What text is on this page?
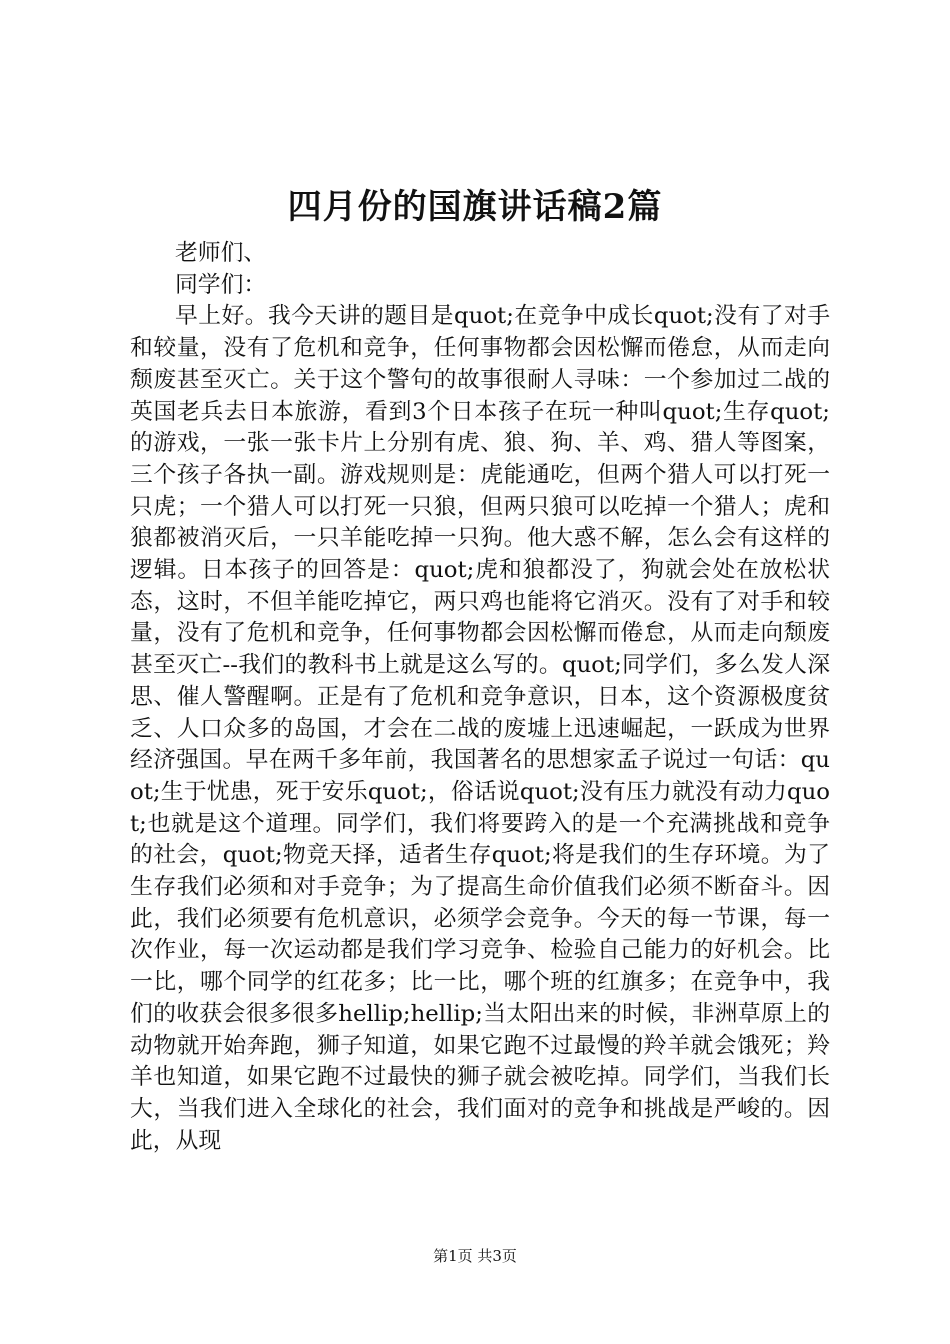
四月份的国旗讲话稿2篇

老师们、

同学们：

早上好。我今天讲的题目是quot;在竞争中成长quot;没有了对手和较量，没有了危机和竞争，任何事物都会因松懈而倦怠，从而走向颓废甚至灭亡。关于这个警句的故事很耐人寻味：一个参加过二战的英国老兵去日本旅游，看到3个日本孩子在玩一种叫quot;生存quot;的游戏，一张一张卡片上分别有虎、狼、狗、羊、鸡、猎人等图案，三个孩子各执一副。游戏规则是：虎能通吃，但两个猎人可以打死一只虎；一个猎人可以打死一只狼，但两只狼可以吃掉一个猎人；虎和狼都被消灭后，一只羊能吃掉一只狗。他大惑不解，怎么会有这样的逻辑。日本孩子的回答是：quot;虎和狼都没了，狗就会处在放松状态，这时，不但羊能吃掉它，两只鸡也能将它消灭。没有了对手和较量，没有了危机和竞争，任何事物都会因松懈而倦怠，从而走向颓废甚至灭亡--我们的教科书上就是这么写的。quot;同学们，多么发人深思、催人警醒啊。正是有了危机和竞争意识，日本，这个资源极度贫乏、人口众多的岛国，才会在二战的废墟上迅速崛起，一跃成为世界经济强国。早在两千多年前，我国著名的思想家孟子说过一句话：quot;生于忧患，死于安乐quot;，俗话说quot;没有压力就没有动力quot;也就是这个道理。同学们，我们将要跨入的是一个充满挑战和竞争的社会，quot;物竞天择，适者生存quot;将是我们的生存环境。为了生存我们必须和对手竞争；为了提高生命价值我们必须不断奋斗。因此，我们必须要有危机意识，必须学会竞争。今天的每一节课，每一次作业，每一次运动都是我们学习竞争、检验自己能力的好机会。比一比，哪个同学的红花多；比一比，哪个班的红旗多；在竞争中，我们的收获会很多很多hellip;hellip;当太阳出来的时候，非洲草原上的动物就开始奔跑，狮子知道，如果它跑不过最慢的羚羊就会饿死；羚羊也知道，如果它跑不过最快的狮子就会被吃掉。同学们，当我们长大，当我们进入全球化的社会，我们面对的竞争和挑战是严峻的。因此，从现

第1页 共3页
